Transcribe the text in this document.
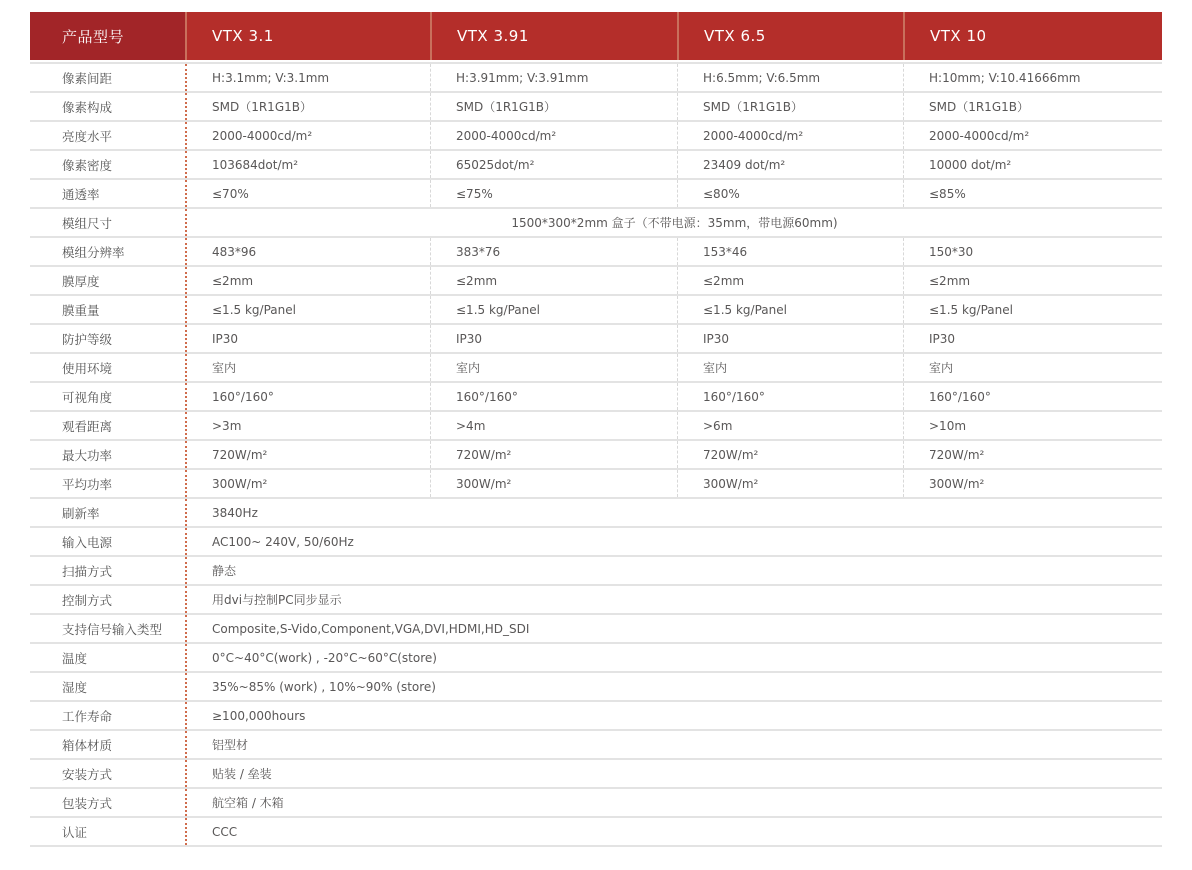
产品型号	VTX 3.1	VTX 3.91	VTX 6.5	VTX 10
像素间距	H:3.1mm; V:3.1mm	H:3.91mm; V:3.91mm	H:6.5mm; V:6.5mm	H:10mm; V:10.41666mm
像素构成	SMD（1R1G1B）	SMD（1R1G1B）	SMD（1R1G1B）	SMD（1R1G1B）
亮度水平	2000-4000cd/m²	2000-4000cd/m²	2000-4000cd/m²	2000-4000cd/m²
像素密度	103684dot/m²	65025dot/m²	23409 dot/m²	10000 dot/m²
通透率	≤70%	≤75%	≤80%	≤85%
模组尺寸	1500*300*2mm 盒子（不带电源：35mm，带电源60mm)
模组分辨率	483*96	383*76	153*46	150*30
膜厚度	≤2mm	≤2mm	≤2mm	≤2mm
膜重量	≤1.5 kg/Panel	≤1.5 kg/Panel	≤1.5 kg/Panel	≤1.5 kg/Panel
防护等级	IP30	IP30	IP30	IP30
使用环境	室内	室内	室内	室内
可视角度	160°/160°	160°/160°	160°/160°	160°/160°
观看距离	>3m	>4m	>6m	>10m
最大功率	720W/m²	720W/m²	720W/m²	720W/m²
平均功率	300W/m²	300W/m²	300W/m²	300W/m²
刷新率	3840Hz
输入电源	AC100~ 240V, 50/60Hz
扫描方式	静态
控制方式	用dvi与控制PC同步显示
支持信号输入类型	Composite,S-Vido,Component,VGA,DVI,HDMI,HD_SDI
温度	0°C~40°C(work) , -20°C~60°C(store)
湿度	35%~85% (work) , 10%~90% (store)
工作寿命	≥100,000hours
箱体材质	铝型材
安装方式	贴装 / 垒装
包装方式	航空箱 / 木箱
认证	CCC
